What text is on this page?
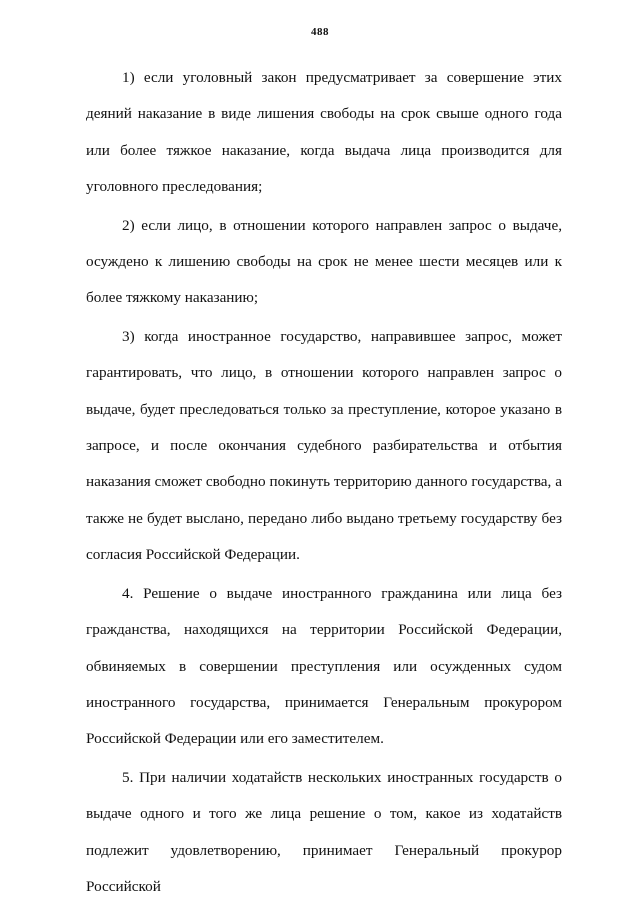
488

1) если уголовный закон предусматривает за совершение этих деяний наказание в виде лишения свободы на срок свыше одного года или более тяжкое наказание, когда выдача лица производится для уголовного преследования;

2) если лицо, в отношении которого направлен запрос о выдаче, осуждено к лишению свободы на срок не менее шести месяцев или к более тяжкому наказанию;

3) когда иностранное государство, направившее запрос, может гарантировать, что лицо, в отношении которого направлен запрос о выдаче, будет преследоваться только за преступление, которое указано в запросе, и после окончания судебного разбирательства и отбытия наказания сможет свободно покинуть территорию данного государства, а также не будет выслано, передано либо выдано третьему государству без согласия Российской Федерации.

4. Решение о выдаче иностранного гражданина или лица без гражданства, находящихся на территории Российской Федерации, обвиняемых в совершении преступления или осужденных судом иностранного государства, принимается Генеральным прокурором Российской Федерации или его заместителем.

5. При наличии ходатайств нескольких иностранных государств о выдаче одного и того же лица решение о том, какое из ходатайств подлежит удовлетворению, принимает Генеральный прокурор Российской
